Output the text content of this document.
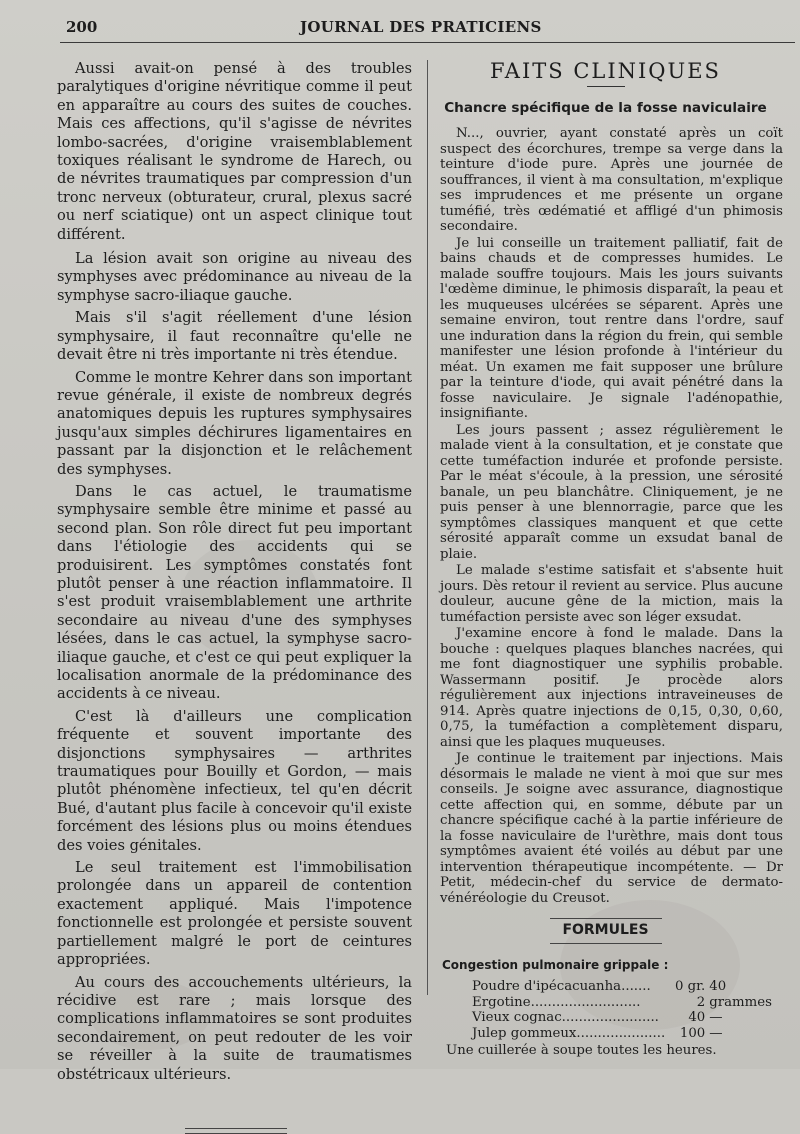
200	JOURNAL DES PRATICIENS

Aussi avait-on pensé à des troubles paralytiques d'origine névritique comme il peut en apparaître au cours des suites de couches. Mais ces affections, qu'il s'agisse de névrites lombo-sacrées, d'origine vraisemblablement toxiques réalisant le syndrome de Harech, ou de névrites traumatiques par compression d'un tronc nerveux (obturateur, crural, plexus sacré ou nerf sciatique) ont un aspect clinique tout différent.

La lésion avait son origine au niveau des symphyses avec prédominance au niveau de la symphyse sacro-iliaque gauche.

Mais s'il s'agit réellement d'une lésion symphysaire, il faut reconnaître qu'elle ne devait être ni très importante ni très étendue.

Comme le montre Kehrer dans son important revue générale, il existe de nombreux degrés anatomiques depuis les ruptures symphysaires jusqu'aux simples déchirures ligamentaires en passant par la disjonction et le relâchement des symphyses.

Dans le cas actuel, le traumatisme symphysaire semble être minime et passé au second plan. Son rôle direct fut peu important dans l'étiologie des accidents qui se produisirent. Les symptômes constatés font plutôt penser à une réaction inflammatoire. Il s'est produit vraisemblablement une arthrite secondaire au niveau d'une des symphyses lésées, dans le cas actuel, la symphyse sacro-iliaque gauche, et c'est ce qui peut expliquer la localisation anormale de la prédominance des accidents à ce niveau.

C'est là d'ailleurs une complication fréquente et souvent importante des disjonctions symphysaires — arthrites traumatiques pour Bouilly et Gordon, — mais plutôt phénomène infectieux, tel qu'en décrit Bué, d'autant plus facile à concevoir qu'il existe forcément des lésions plus ou moins étendues des voies génitales.

Le seul traitement est l'immobilisation prolongée dans un appareil de contention exactement appliqué. Mais l'impotence fonctionnelle est prolongée et persiste souvent partiellement malgré le port de ceintures appropriées.

Au cours des accouchements ultérieurs, la récidive est rare ; mais lorsque des complications inflammatoires se sont produites secondairement, on peut redouter de les voir se réveiller à la suite de traumatismes obstétricaux ultérieurs.

FAITS CLINIQUES
Chancre spécifique de la fosse naviculaire

N..., ouvrier, ayant constaté après un coït suspect des écorchures, trempe sa verge dans la teinture d'iode pure. Après une journée de souffrances, il vient à ma consultation, m'explique ses imprudences et me présente un organe tuméfié, très œdématié et affligé d'un phimosis secondaire.

Je lui conseille un traitement palliatif, fait de bains chauds et de compresses humides. Le malade souffre toujours. Mais les jours suivants l'œdème diminue, le phimosis disparaît, la peau et les muqueuses ulcérées se séparent. Après une semaine environ, tout rentre dans l'ordre, sauf une induration dans la région du frein, qui semble manifester une lésion profonde à l'intérieur du méat. Un examen me fait supposer une brûlure par la teinture d'iode, qui avait pénétré dans la fosse naviculaire. Je signale l'adénopathie, insignifiante.

Les jours passent ; assez régulièrement le malade vient à la consultation, et je constate que cette tuméfaction indurée et profonde persiste. Par le méat s'écoule, à la pression, une sérosité banale, un peu blanchâtre. Cliniquement, je ne puis penser à une blennorragie, parce que les symptômes classiques manquent et que cette sérosité apparaît comme un exsudat banal de plaie.

Le malade s'estime satisfait et s'absente huit jours. Dès retour il revient au service. Plus aucune douleur, aucune gêne de la miction, mais la tuméfaction persiste avec son léger exsudat.

J'examine encore à fond le malade. Dans la bouche : quelques plaques blanches nacrées, qui me font diagnostiquer une syphilis probable. Wassermann positif. Je procède alors régulièrement aux injections intraveineuses de 914. Après quatre injections de 0,15, 0,30, 0,60, 0,75, la tuméfaction a complètement disparu, ainsi que les plaques muqueuses.

Je continue le traitement par injections. Mais désormais le malade ne vient à moi que sur mes conseils. Je soigne avec assurance, diagnostique cette affection qui, en somme, débute par un chancre spécifique caché à la partie inférieure de la fosse naviculaire de l'urèthre, mais dont tous symptômes avaient été voilés au début par une intervention thérapeutique incompétente. — Dr Petit, médecin-chef du service de dermato-vénéréologie du Creusot.

FORMULES
Congestion pulmonaire grippale :
Poudre d'ipécacuanha.......	0 gr.	40
Ergotine..........................	2	grammes
Vieux cognac.......................	40	—
Julep gommeux.....................	100	—
Une cuillerée à soupe toutes les heures.
